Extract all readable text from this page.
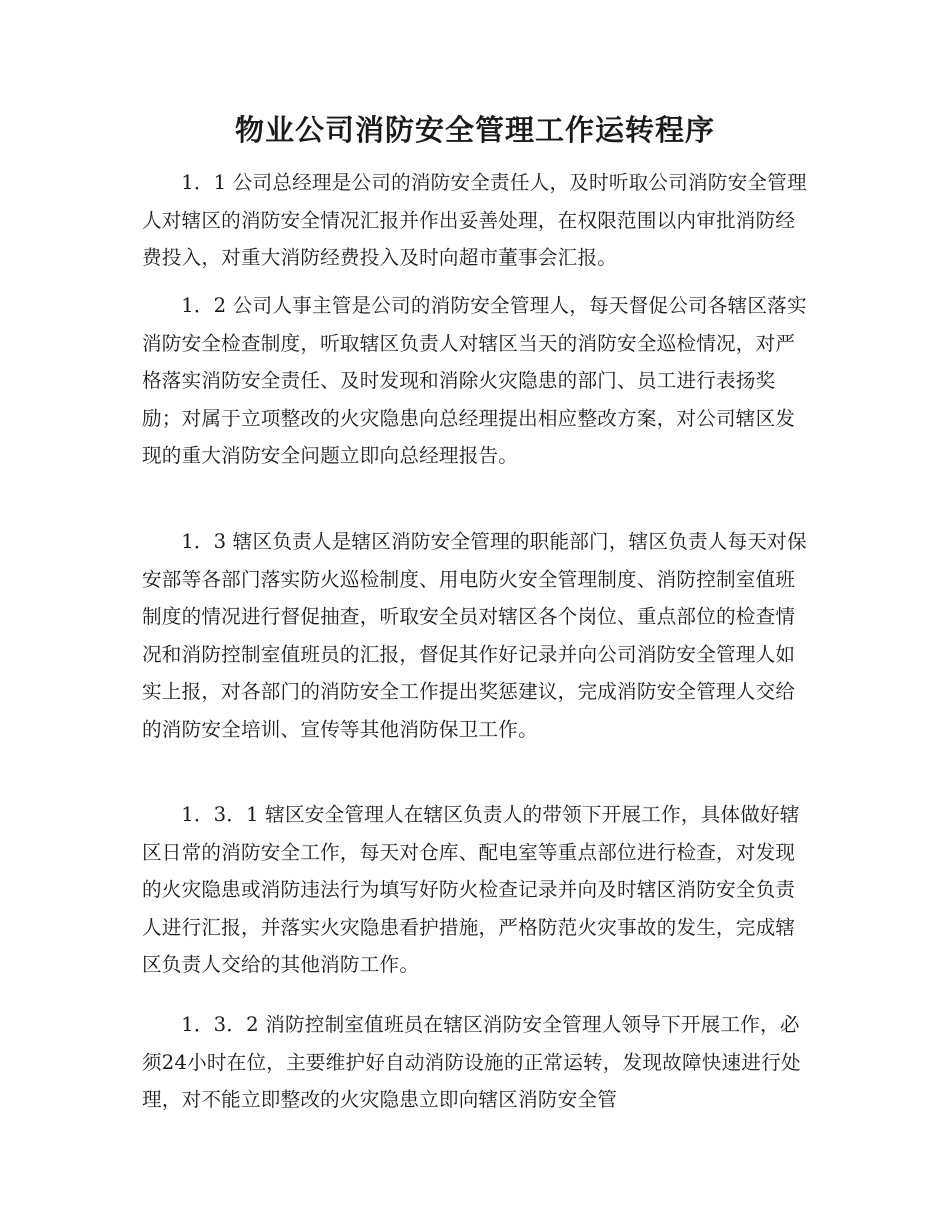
物业公司消防安全管理工作运转程序

1．1 公司总经理是公司的消防安全责任人，及时听取公司消防安全管理人对辖区的消防安全情况汇报并作出妥善处理，在权限范围以内审批消防经费投入，对重大消防经费投入及时向超市董事会汇报。

1．2 公司人事主管是公司的消防安全管理人，每天督促公司各辖区落实消防安全检查制度，听取辖区负责人对辖区当天的消防安全巡检情况，对严格落实消防安全责任、及时发现和消除火灾隐患的部门、员工进行表扬奖励；对属于立项整改的火灾隐患向总经理提出相应整改方案，对公司辖区发现的重大消防安全问题立即向总经理报告。

1．3 辖区负责人是辖区消防安全管理的职能部门，辖区负责人每天对保安部等各部门落实防火巡检制度、用电防火安全管理制度、消防控制室值班制度的情况进行督促抽查，听取安全员对辖区各个岗位、重点部位的检查情况和消防控制室值班员的汇报，督促其作好记录并向公司消防安全管理人如实上报，对各部门的消防安全工作提出奖惩建议，完成消防安全管理人交给的消防安全培训、宣传等其他消防保卫工作。

1．3．1 辖区安全管理人在辖区负责人的带领下开展工作，具体做好辖区日常的消防安全工作，每天对仓库、配电室等重点部位进行检查，对发现的火灾隐患或消防违法行为填写好防火检查记录并向及时辖区消防安全负责人进行汇报，并落实火灾隐患看护措施，严格防范火灾事故的发生，完成辖区负责人交给的其他消防工作。

1．3．2 消防控制室值班员在辖区消防安全管理人领导下开展工作，必须24小时在位，主要维护好自动消防设施的正常运转，发现故障快速进行处理，对不能立即整改的火灾隐患立即向辖区消防安全管
